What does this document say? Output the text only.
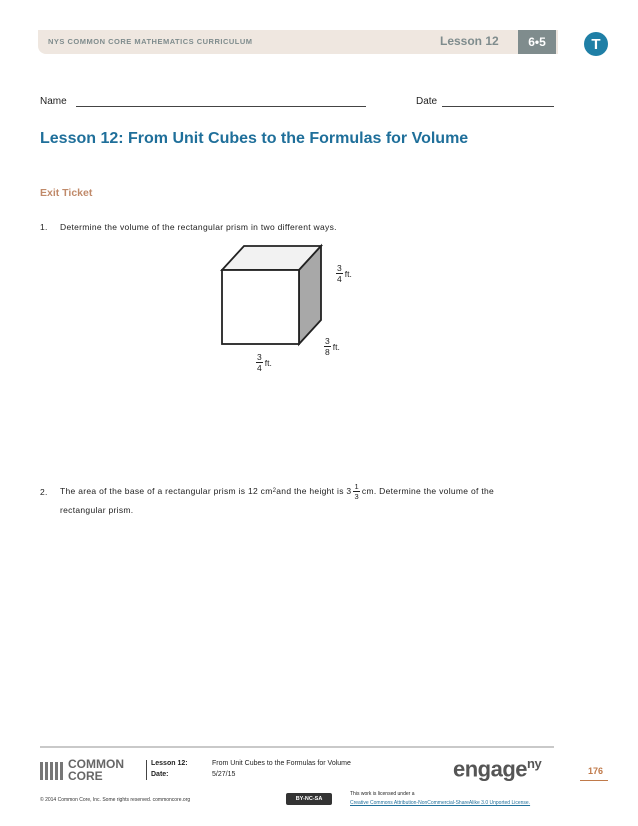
NYS COMMON CORE MATHEMATICS CURRICULUM	Lesson 12	6•5	T
Name	Date
Lesson 12: From Unit Cubes to the Formulas for Volume
Exit Ticket
1. Determine the volume of the rectangular prism in two different ways.
$\frac{3}{4}$ ft.
$\frac{3}{8}$ ft.
$\frac{3}{4}$ ft.
2. The area of the base of a rectangular prism is 12 cm 2 and the height is $3 \frac{1}{3}$ cm. Determine the volume of the
rectangular prism.
COMMON
CORE
Lesson 12:
Date:
From Unit Cubes to the Formulas for Volume
5/27/15	engage$^{ny}$	176
© 2014 Common Core, Inc. Some rights reserved. commoncore.org	BY-NC-SA
This work is licensed under a
Creative Commons Attribution-NonCommercial-ShareAlike 3.0 Unported License.
